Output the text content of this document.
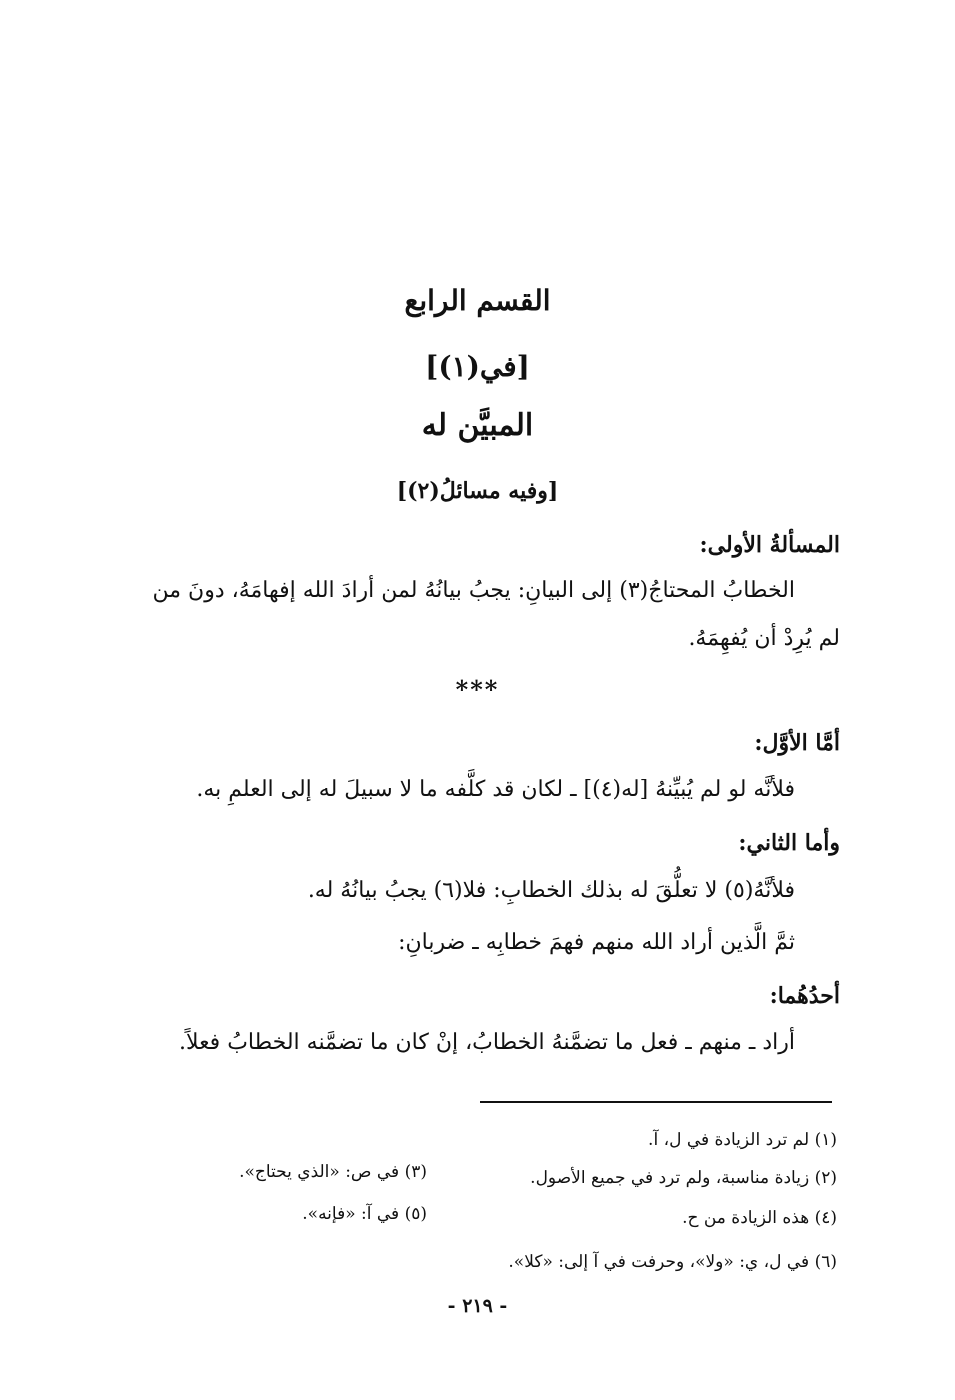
القسم الرابع
[في(١)]
المبيَّن له
[وفيه مسائلُ(٢)]
المسألةُ الأولى:
الخطابُ المحتاجُ(٣) إلى البيانِ: يجبُ بيانُهُ لمن أرادَ الله إفهامَهُ، دونَ من
لم يُرِدْ أن يُفهِمَهُ.
***
أمَّا الأوَّل:
فلأنَّه لو لم يُبيِّنهُ [له(٤)] ـ لكان قد كلَّفه ما لا سبيلَ له إلى العلمِ به.
وأما الثاني:
فلأنَّهُ(٥) لا تعلُّقَ له بذلك الخطابِ: فلا(٦) يجبُ بيانُهُ له.
ثمَّ الَّذين أراد الله منهم فهمَ خطابِه ـ ضربانِ:
أحدُهُما:
أراد ـ منهم ـ فعل ما تضمَّنهُ الخطابُ، إنْ كان ما تضمَّنه الخطابُ فعلاً.
(١) لم ترد الزيادة في ل، آ.
(٢) زيادة مناسبة، ولم ترد في جميع الأصول.
(٣) في ص: «الذي يحتاج».
(٤) هذه الزيادة من ح.
(٥) في آ: «فإنه».
(٦) في ل، ي: «ولا»، وحرفت في آ إلى: «كلا».
- ٢١٩ -
